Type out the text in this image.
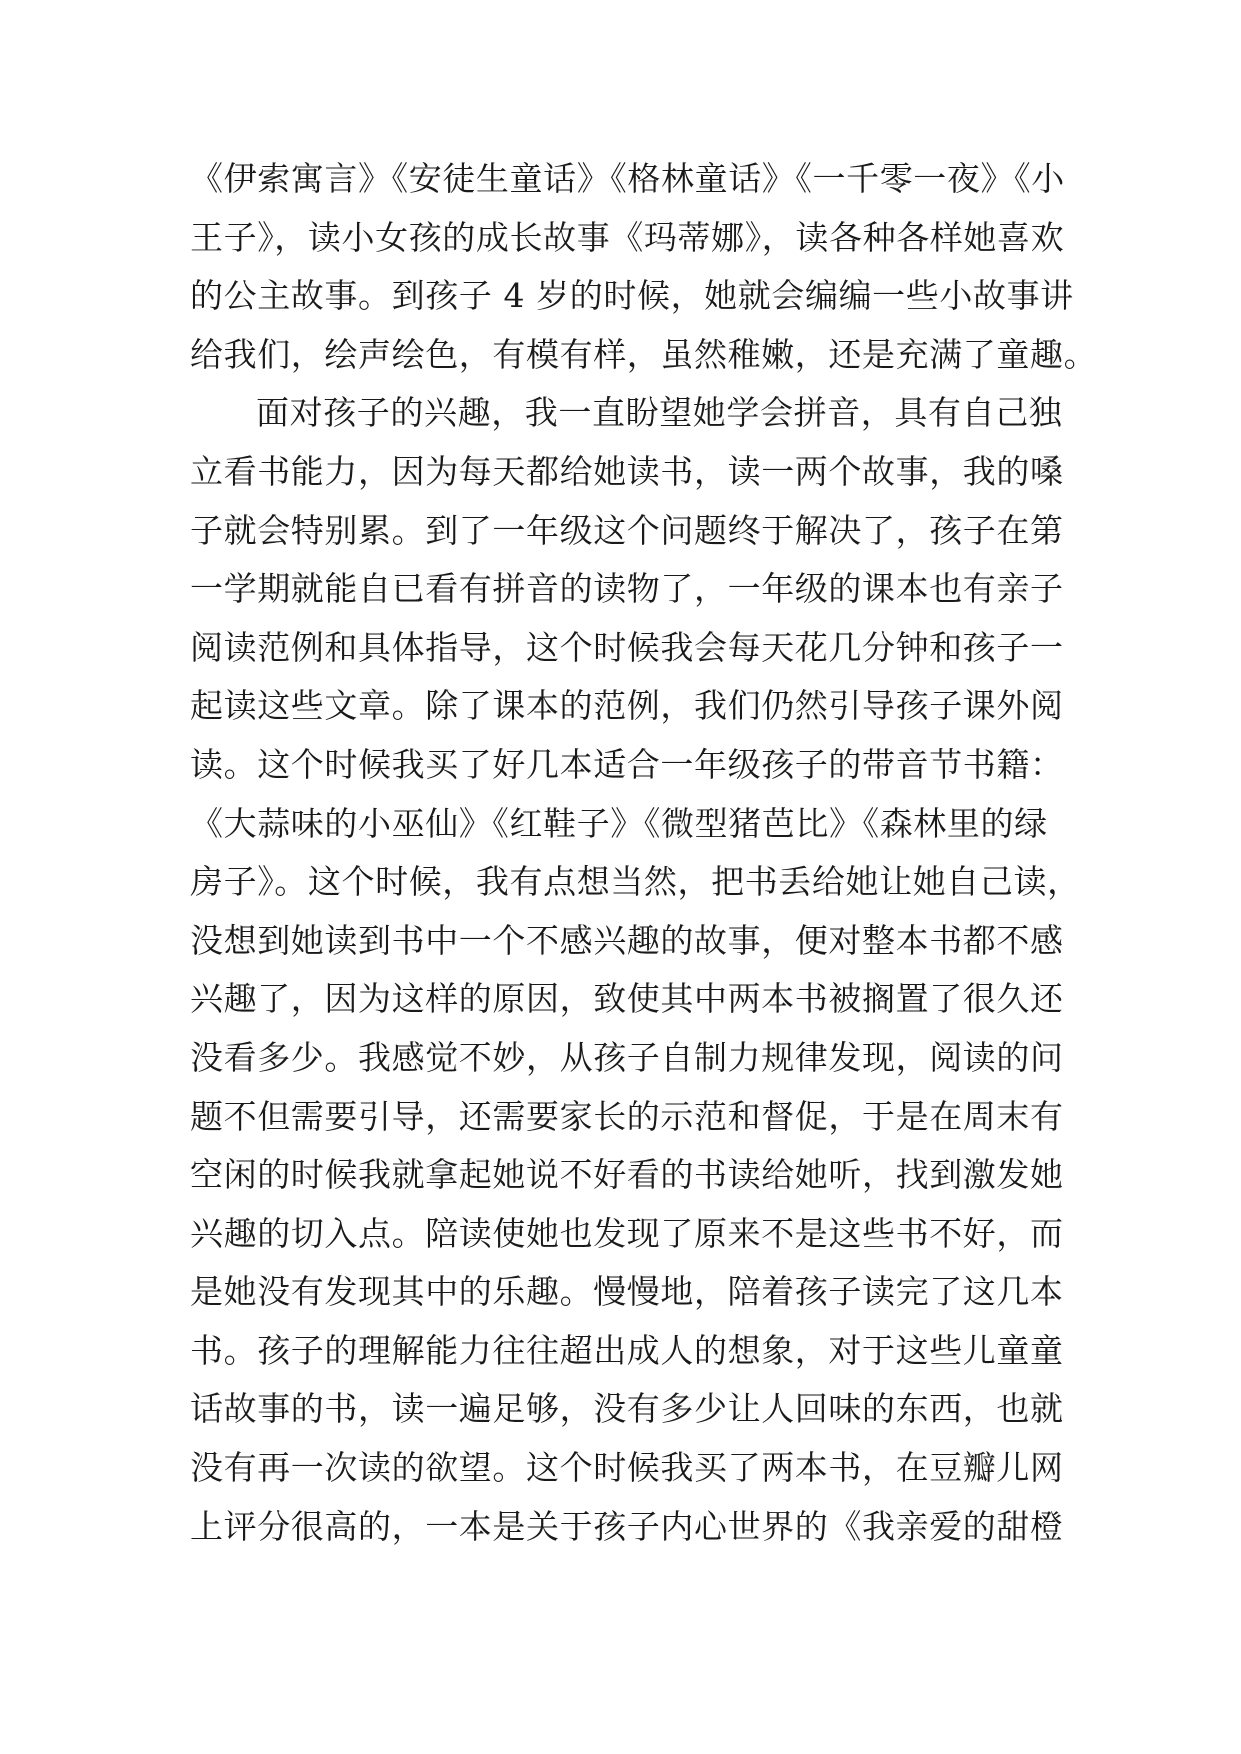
《伊索寓言》《安徒生童话》《格林童话》《一千零一夜》《小
王子》，读小女孩的成长故事《玛蒂娜》，读各种各样她喜欢
的公主故事。到孩子 4 岁的时候，她就会编编一些小故事讲
给我们，绘声绘色，有模有样，虽然稚嫩，还是充满了童趣。
面对孩子的兴趣，我一直盼望她学会拼音，具有自己独
立看书能力，因为每天都给她读书，读一两个故事，我的嗓
子就会特别累。到了一年级这个问题终于解决了，孩子在第
一学期就能自已看有拼音的读物了，一年级的课本也有亲子
阅读范例和具体指导，这个时候我会每天花几分钟和孩子一
起读这些文章。除了课本的范例，我们仍然引导孩子课外阅
读。这个时候我买了好几本适合一年级孩子的带音节书籍：
《大蒜味的小巫仙》《红鞋子》《微型猪芭比》《森林里的绿
房子》。这个时候，我有点想当然，把书丢给她让她自己读，
没想到她读到书中一个不感兴趣的故事，便对整本书都不感
兴趣了，因为这样的原因，致使其中两本书被搁置了很久还
没看多少。我感觉不妙，从孩子自制力规律发现，阅读的问
题不但需要引导，还需要家长的示范和督促，于是在周末有
空闲的时候我就拿起她说不好看的书读给她听，找到激发她
兴趣的切入点。陪读使她也发现了原来不是这些书不好，而
是她没有发现其中的乐趣。慢慢地，陪着孩子读完了这几本
书。孩子的理解能力往往超出成人的想象，对于这些儿童童
话故事的书，读一遍足够，没有多少让人回味的东西，也就
没有再一次读的欲望。这个时候我买了两本书，在豆瓣儿网
上评分很高的，一本是关于孩子内心世界的《我亲爱的甜橙
